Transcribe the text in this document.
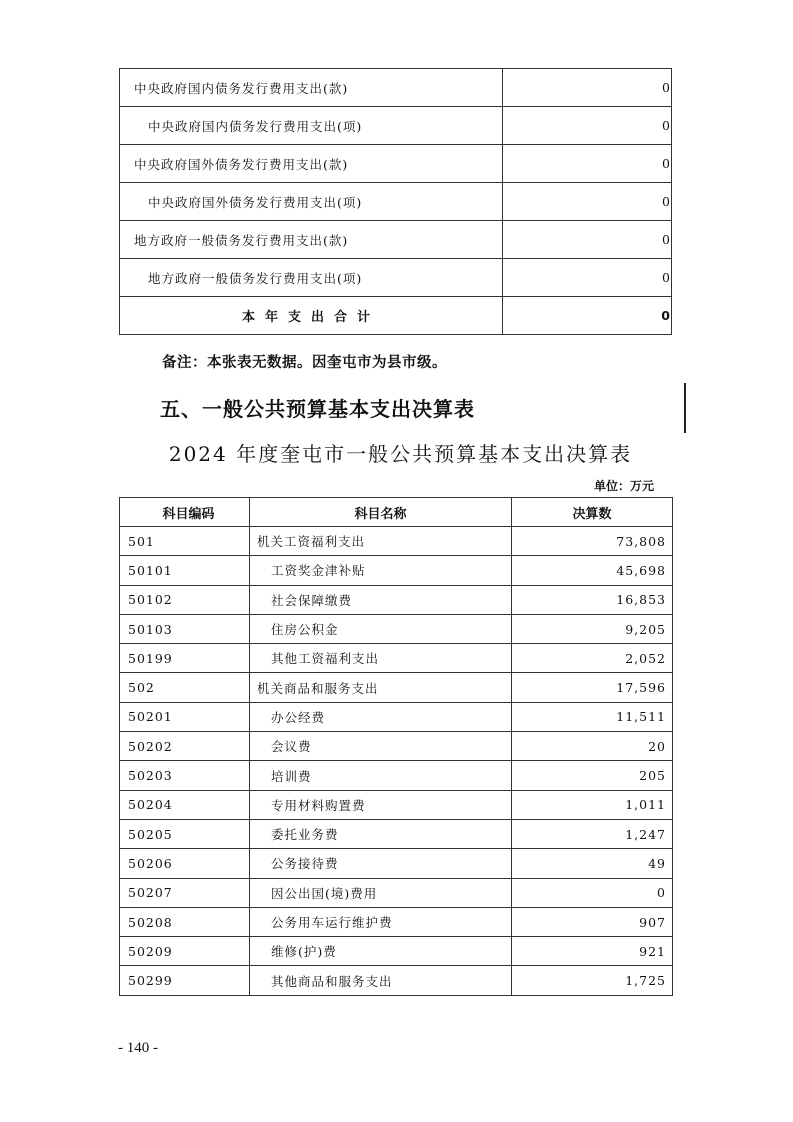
中央政府国内债务发行费用支出(款)	0
中央政府国内债务发行费用支出(项)	0
中央政府国外债务发行费用支出(款)	0
中央政府国外债务发行费用支出(项)	0
地方政府一般债务发行费用支出(款)	0
地方政府一般债务发行费用支出(项)	0
本年支出合计	0
备注：本张表无数据。因奎屯市为县市级。
五、一般公共预算基本支出决算表
2024 年度奎屯市一般公共预算基本支出决算表
单位：万元
科目编码	科目名称	决算数
501	机关工资福利支出	73,808
50101	工资奖金津补贴	45,698
50102	社会保障缴费	16,853
50103	住房公积金	9,205
50199	其他工资福利支出	2,052
502	机关商品和服务支出	17,596
50201	办公经费	11,511
50202	会议费	20
50203	培训费	205
50204	专用材料购置费	1,011
50205	委托业务费	1,247
50206	公务接待费	49
50207	因公出国(境)费用	0
50208	公务用车运行维护费	907
50209	维修(护)费	921
50299	其他商品和服务支出	1,725
- 140 -
